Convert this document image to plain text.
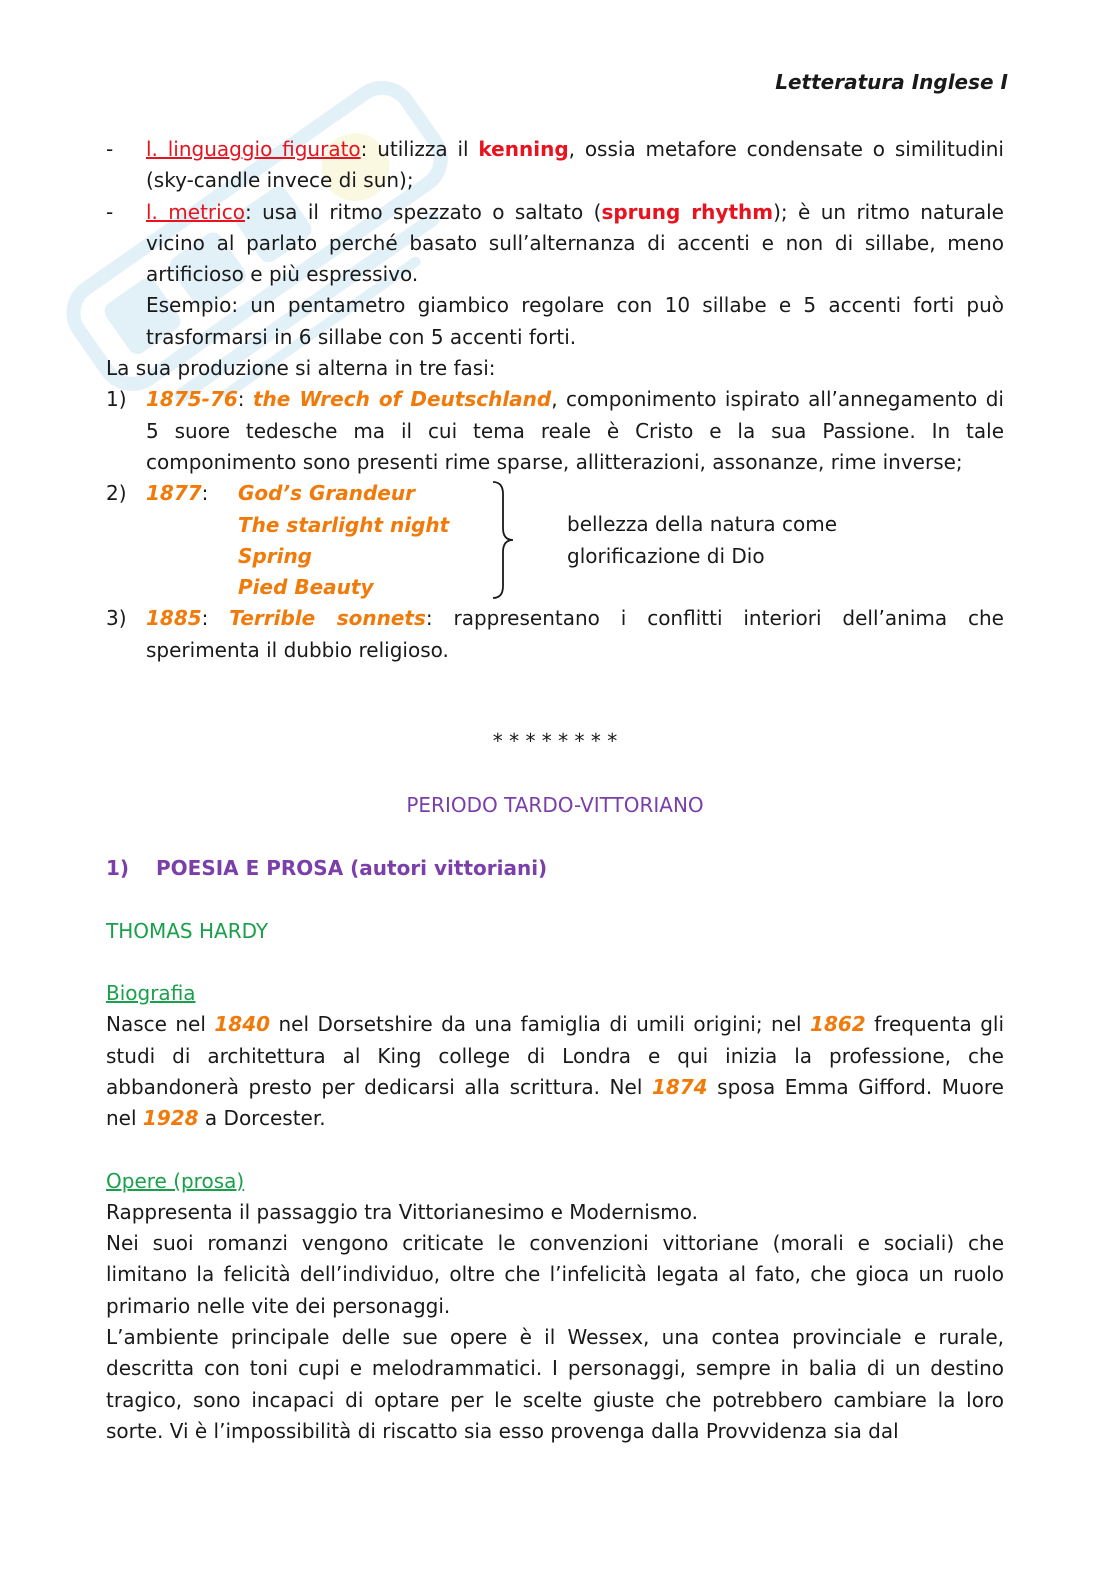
Letteratura Inglese I
- l. linguaggio figurato: utilizza il kenning, ossia metafore condensate o similitudini (sky-candle invece di sun);
- l. metrico: usa il ritmo spezzato o saltato (sprung rhythm); è un ritmo naturale vicino al parlato perché basato sull’alternanza di accenti e non di sillabe, meno artificioso e più espressivo.
Esempio: un pentametro giambico regolare con 10 sillabe e 5 accenti forti può trasformarsi in 6 sillabe con 5 accenti forti.
La sua produzione si alterna in tre fasi:
1) 1875-76: the Wrech of Deutschland, componimento ispirato all’annegamento di 5 suore tedesche ma il cui tema reale è Cristo e la sua Passione. In tale componimento sono presenti rime sparse, allitterazioni, assonanze, rime inverse;
2) 1877: God’s Grandeur
The starlight night
Spring
Pied Beauty
bellezza della natura come
glorificazione di Dio
3) 1885: Terrible sonnets: rappresentano i conflitti interiori dell’anima che sperimenta il dubbio religioso.
* * * * * * * *
PERIODO TARDO-VITTORIANO
1) POESIA E PROSA (autori vittoriani)
THOMAS HARDY
Biografia
Nasce nel 1840 nel Dorsetshire da una famiglia di umili origini; nel 1862 frequenta gli studi di architettura al King college di Londra e qui inizia la professione, che abbandonerà presto per dedicarsi alla scrittura. Nel 1874 sposa Emma Gifford. Muore nel 1928 a Dorcester.
Opere (prosa)
Rappresenta il passaggio tra Vittorianesimo e Modernismo.
Nei suoi romanzi vengono criticate le convenzioni vittoriane (morali e sociali) che limitano la felicità dell’individuo, oltre che l’infelicità legata al fato, che gioca un ruolo primario nelle vite dei personaggi.
L’ambiente principale delle sue opere è il Wessex, una contea provinciale e rurale, descritta con toni cupi e melodrammatici. I personaggi, sempre in balia di un destino tragico, sono incapaci di optare per le scelte giuste che potrebbero cambiare la loro sorte. Vi è l’impossibilità di riscatto sia esso provenga dalla Provvidenza sia dal
